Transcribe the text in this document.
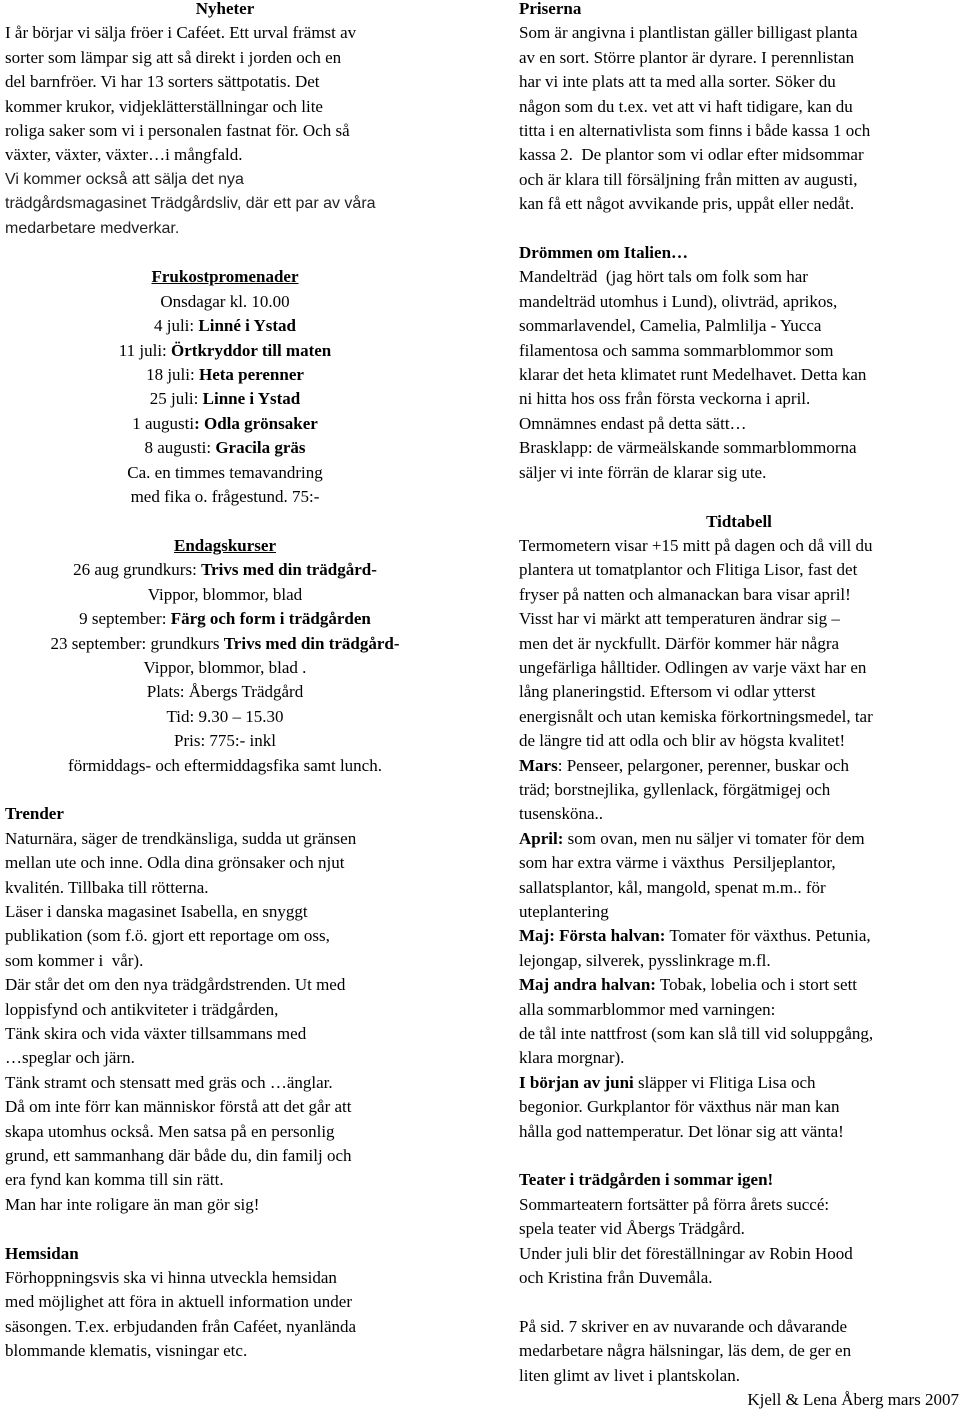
Nyheter
I år börjar vi sälja fröer i Caféet. Ett urval främst av
sorter som lämpar sig att så direkt i jorden och en
del barnfröer. Vi har 13 sorters sättpotatis. Det
kommer krukor, vidjeklätterställningar och lite
roliga saker som vi i personalen fastnat för. Och så
växter, växter, växter…i mångfald.
Vi kommer också att sälja det nya
trädgårdsmagasinet Trädgårdsliv, där ett par av våra
medarbetare medverkar.
Frukostpromenader
Onsdagar kl. 10.00
4 juli: Linné i Ystad
11 juli: Örtkryddor till maten
18 juli: Heta perenner
25 juli: Linne i Ystad
1 augusti: Odla grönsaker
8 augusti: Gracila gräs
Ca. en timmes temavandring
med fika o. frågestund. 75:-
Endagskurser
26 aug grundkurs: Trivs med din trädgård-
Vippor, blommor, blad
9 september: Färg och form i trädgården
23 september: grundkurs Trivs med din trädgård-
Vippor, blommor, blad .
Plats: Åbergs Trädgård
Tid: 9.30 – 15.30
Pris: 775:- inkl
förmiddags- och eftermiddagsfika samt lunch.
Trender
Naturnära, säger de trendkänsliga, sudda ut gränsen
mellan ute och inne. Odla dina grönsaker och njut
kvalitén. Tillbaka till rötterna.
Läser i danska magasinet Isabella, en snyggt
publikation (som f.ö. gjort ett reportage om oss,
som kommer i  vår).
Där står det om den nya trädgårdstrenden. Ut med
loppisfynd och antikviteter i trädgården,
Tänk skira och vida växter tillsammans med
…speglar och järn.
Tänk stramt och stensatt med gräs och …änglar.
Då om inte förr kan människor förstå att det går att
skapa utomhus också. Men satsa på en personlig
grund, ett sammanhang där både du, din familj och
era fynd kan komma till sin rätt.
Man har inte roligare än man gör sig!
Hemsidan
Förhoppningsvis ska vi hinna utveckla hemsidan
med möjlighet att föra in aktuell information under
säsongen. T.ex. erbjudanden från Caféet, nyanlända
blommande klematis, visningar etc.
Priserna
Som är angivna i plantlistan gäller billigast planta
av en sort. Större plantor är dyrare. I perennlistan
har vi inte plats att ta med alla sorter. Söker du
någon som du t.ex. vet att vi haft tidigare, kan du
titta i en alternativlista som finns i både kassa 1 och
kassa 2.  De plantor som vi odlar efter midsommar
och är klara till försäljning från mitten av augusti,
kan få ett något avvikande pris, uppåt eller nedåt.
Drömmen om Italien…
Mandelträd  (jag hört tals om folk som har
mandelträd utomhus i Lund), olivträd, aprikos,
sommarlavendel, Camelia, Palmlilja - Yucca
filamentosa och samma sommarblommor som
klarar det heta klimatet runt Medelhavet. Detta kan
ni hitta hos oss från första veckorna i april.
Omnämnes endast på detta sätt…
Brasklapp: de värmeälskande sommarblommorna
säljer vi inte förrän de klarar sig ute.
Tidtabell
Termometern visar +15 mitt på dagen och då vill du
plantera ut tomatplantor och Flitiga Lisor, fast det
fryser på natten och almanackan bara visar april!
Visst har vi märkt att temperaturen ändrar sig –
men det är nyckfullt. Därför kommer här några
ungefärliga hålltider. Odlingen av varje växt har en
lång planeringstid. Eftersom vi odlar ytterst
energisnålt och utan kemiska förkortningsmedel, tar
de längre tid att odla och blir av högsta kvalitet!
Mars: Penseer, pelargoner, perenner, buskar och
träd; borstnejlika, gyllenlack, förgätmigej och
tusensköna..
April: som ovan, men nu säljer vi tomater för dem
som har extra värme i växthus  Persiljeplantor,
sallatsplantor, kål, mangold, spenat m.m.. för
uteplantering
Maj: Första halvan: Tomater för växthus. Petunia,
lejongap, silverek, pysslinkrage m.fl.
Maj andra halvan: Tobak, lobelia och i stort sett
alla sommarblommor med varningen:
de tål inte nattfrost (som kan slå till vid soluppgång,
klara morgnar).
I början av juni släpper vi Flitiga Lisa och
begonior. Gurkplantor för växthus när man kan
hålla god nattemperatur. Det lönar sig att vänta!
Teater i trädgården i sommar igen!
Sommarteatern fortsätter på förra årets succé:
spela teater vid Åbergs Trädgård.
Under juli blir det föreställningar av Robin Hood
och Kristina från Duvemåla.
På sid. 7 skriver en av nuvarande och dåvarande
medarbetare några hälsningar, läs dem, de ger en
liten glimt av livet i plantskolan.
Kjell & Lena Åberg mars 2007
